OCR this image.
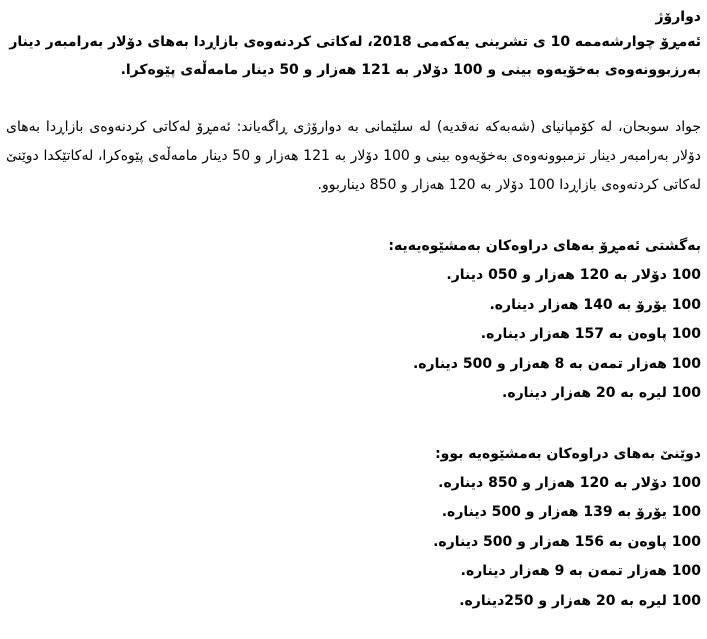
دوارۆژ

ئەمڕۆ چوارشەممە 10 ی تشرینی یەکەمی 2018، لەکاتی کردنەوەی بازاڕدا بەهای دۆلار بەرامبەر دینار بەرزبوونەوەی بەخۆیەوە بینی و 100 دۆلار بە 121 هەزار و 50 دینار مامەڵەی پێوەکرا.

جواد سوبحان، لە کۆمپانیای (شەبەکە نەقدیە) لە سلێمانی بە دوارۆژی ڕاگەیاند: ئەمڕۆ لەکاتی کردنەوەی بازاڕدا بەهای دۆلار بەرامبەر دینار نزمبوونەوەی بەخۆیەوە بینی و 100 دۆلار بە 121 هەزار و 50 دینار مامەڵەی پێوەکرا، لەکاتێکدا دوێنێ لەکاتی کردنەوەی بازاڕدا 100 دۆلار بە 120 هەزار و 850 دیناربوو.

بەگشتی ئەمڕۆ بەهای دراوەکان بەمشێوەیەیە:

100 دۆلار بە 120 هەزار و 050 دینار.
100 یۆرۆ بە 140 هەزار دینارە.
100 پاوەن بە 157 هەزار دینارە.
100 هەزار تمەن بە 8 هەزار و 500 دینارە.
100 لیرە بە 20 هەزار دینارە.

دوێنێ بەهای دراوەکان بەمشێوەیە بوو:

100 دۆلار بە 120 هەزار و 850 دینارە.
100 یۆرۆ بە 139 هەزار و 500 دینارە.
100 پاوەن بە 156 هەزار و 500 دینارە.
100 هەزار تمەن بە 9 هەزار دینارە.
100 لیرە بە 20 هەزار و 250دینارە.
